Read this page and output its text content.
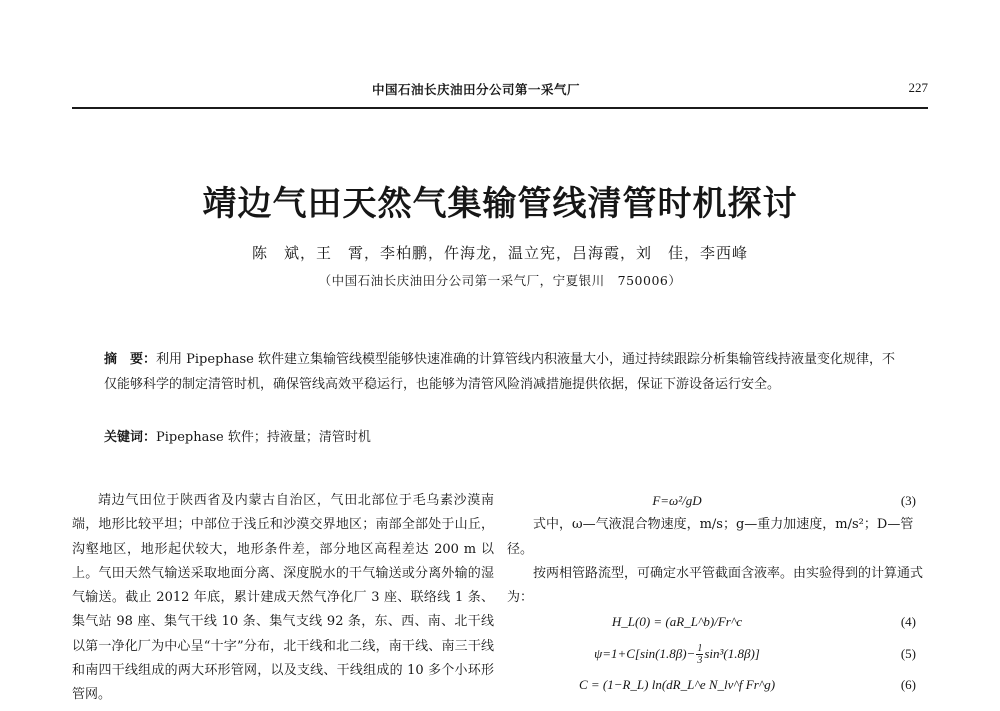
中国石油长庆油田分公司第一采气厂	227
靖边气田天然气集输管线清管时机探讨
陈　斌，王　霄，李柏鹏，仵海龙，温立宪，吕海霞，刘　佳，李西峰
（中国石油长庆油田分公司第一采气厂，宁夏银川　750006）
摘　要：利用 Pipephase 软件建立集输管线模型能够快速准确的计算管线内积液量大小，通过持续跟踪分析集输管线持液量变化规律，不仅能够科学的制定清管时机，确保管线高效平稳运行，也能够为清管风险消减措施提供依据，保证下游设备运行安全。
关键词：Pipephase 软件；持液量；清管时机

靖边气田位于陕西省及内蒙古自治区，气田北部位于毛乌素沙漠南端，地形比较平坦；中部位于浅丘和沙漠交界地区；南部全部处于山丘，沟壑地区，地形起伏较大，地形条件差，部分地区高程差达 200 m 以上。气田天然气输送采取地面分离、深度脱水的干气输送或分离外输的湿气输送。截止 2012 年底，累计建成天然气净化厂 3 座、联络线 1 条、集气站 98 座、集气干线 10 条、集气支线 92 条，东、西、南、北干线以第一净化厂为中心呈“十字”分布，北干线和北二线，南干线、南三干线和南四干线组成的两大环形管网，以及支线、干线组成的 10 多个小环形管网。

F=ω²/gD	(3)

式中，ω—气液混合物速度，m/s；g—重力加速度，m/s²；D—管径。

按两相管路流型，可确定水平管截面含液率。由实验得到的计算通式为：

H_L(0) = (aR_L^b)/Fr^c	(4)
$\psi=1+C[\sin(1.8\beta)- \frac{1}{3} \sin^3(1.8\beta)]$	(5)
C = (1−R_L) ln(dR_L^e N_lv^f Fr^g)	(6)
